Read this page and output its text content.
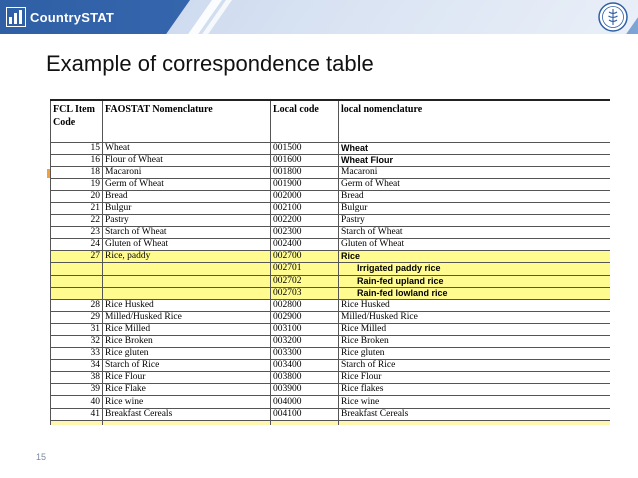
CountrySTAT
Example of correspondence table
FCL Item Code	FAOSTAT Nomenclature	Local code	local nomenclature
15	Wheat	001500	Wheat
16	Flour of Wheat	001600	Wheat Flour
18	Macaroni	001800	Macaroni
19	Germ of Wheat	001900	Germ of Wheat
20	Bread	002000	Bread
21	Bulgur	002100	Bulgur
22	Pastry	002200	Pastry
23	Starch of Wheat	002300	Starch of Wheat
24	Gluten of Wheat	002400	Gluten of Wheat
27	Rice, paddy	002700	Rice
		002701	Irrigated paddy rice
		002702	Rain-fed upland rice
		002703	Rain-fed lowland rice
28	Rice Husked	002800	Rice Husked
29	Milled/Husked Rice	002900	Milled/Husked Rice
31	Rice Milled	003100	Rice Milled
32	Rice Broken	003200	Rice Broken
33	Rice gluten	003300	Rice gluten
34	Starch of Rice	003400	Starch of Rice
38	Rice Flour	003800	Rice Flour
39	Rice Flake	003900	Rice flakes
40	Rice wine	004000	Rice wine
41	Breakfast Cereals	004100	Breakfast Cereals

15
